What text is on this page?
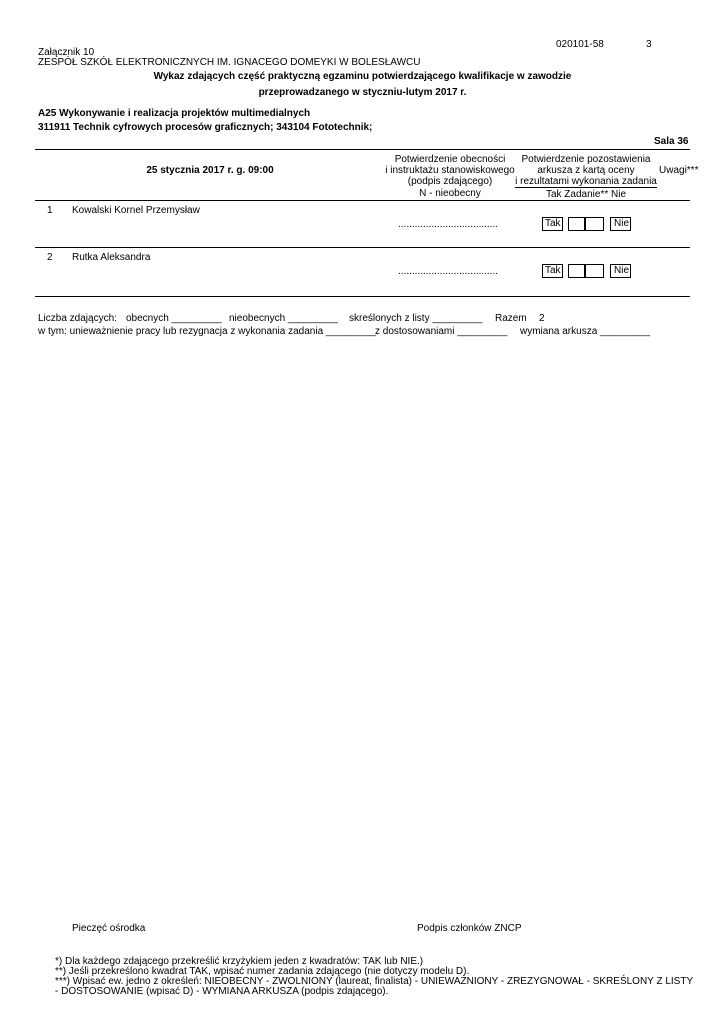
020101-58	3
Załącznik 10
ZESPÓŁ SZKÓŁ ELEKTRONICZNYCH IM. IGNACEGO DOMEYKI W BOLESŁAWCU
Wykaz zdających część praktyczną egzaminu potwierdzającego kwalifikacje w zawodzie
przeprowadzanego w styczniu-lutym 2017 r.
A25 Wykonywanie i realizacja projektów multimedialnych
311911 Technik cyfrowych procesów graficznych; 343104 Fototechnik;
Sala 36
25 stycznia 2017 r. g. 09:00
Potwierdzenie obecności
i instruktażu stanowiskowego
(podpis zdającego)
N - nieobecny
Potwierdzenie pozostawienia
arkusza z kartą oceny
i rezultatami wykonania zadania
Tak Zadanie** Nie
Uwagi***
1 Kowalski Kornel Przemysław
....................................	Tak	Nie
2 Rutka Aleksandra
....................................	Tak	Nie
Liczba zdających: obecnych _________ nieobecnych _________ skreślonych z listy _________ Razem 2
w tym: unieważnienie pracy lub rezygnacja z wykonania zadania _________ z dostosowaniami _________ wymiana arkusza _________
Pieczęć ośrodka	Podpis członków ZNCP
*) Dla każdego zdającego przekreślić krzyżykiem jeden z kwadratów: TAK lub NIE.)
**) Jeśli przekreślono kwadrat TAK, wpisać numer zadania zdającego (nie dotyczy modelu D).
***) Wpisać ew. jedno z określeń: NIEOBECNY - ZWOLNIONY (laureat, finalista) - UNIEWAŻNIONY - ZREZYGNOWAŁ - SKREŚLONY Z LISTY
- DOSTOSOWANIE (wpisać D) - WYMIANA ARKUSZA (podpis zdającego).
